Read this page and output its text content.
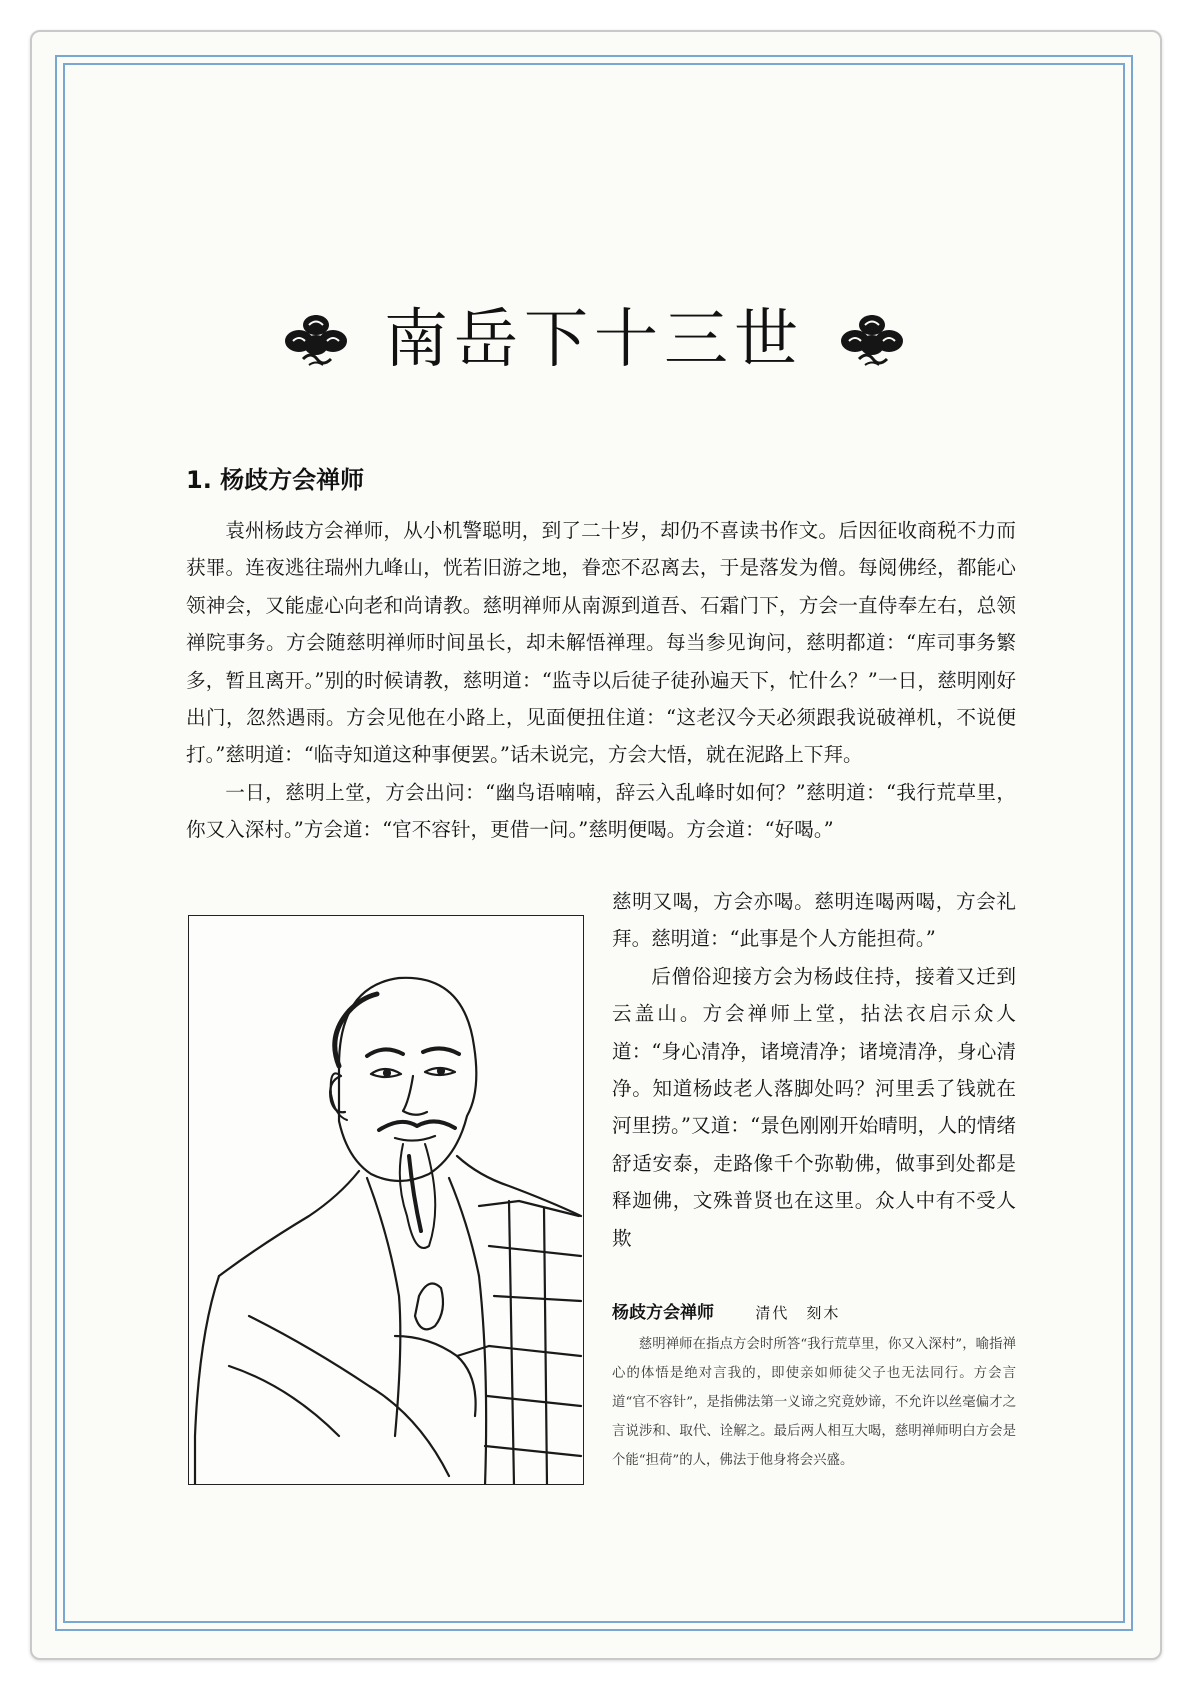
南岳下十三世
1. 杨歧方会禅师

袁州杨歧方会禅师，从小机警聪明，到了二十岁，却仍不喜读书作文。后因征收商税不力而获罪。连夜逃往瑞州九峰山，恍若旧游之地，眷恋不忍离去，于是落发为僧。每阅佛经，都能心领神会，又能虚心向老和尚请教。慈明禅师从南源到道吾、石霜门下，方会一直侍奉左右，总领禅院事务。方会随慈明禅师时间虽长，却未解悟禅理。每当参见询问，慈明都道：“库司事务繁多，暂且离开。”别的时候请教，慈明道：“监寺以后徒子徒孙遍天下，忙什么？”一日，慈明刚好出门，忽然遇雨。方会见他在小路上，见面便扭住道：“这老汉今天必须跟我说破禅机，不说便打。”慈明道：“临寺知道这种事便罢。”话未说完，方会大悟，就在泥路上下拜。

一日，慈明上堂，方会出问：“幽鸟语喃喃，辞云入乱峰时如何？”慈明道：“我行荒草里，你又入深村。”方会道：“官不容针，更借一问。”慈明便喝。方会道：“好喝。”

慈明又喝，方会亦喝。慈明连喝两喝，方会礼拜。慈明道：“此事是个人方能担荷。”

后僧俗迎接方会为杨歧住持，接着又迁到云盖山。方会禅师上堂，拈法衣启示众人道：“身心清净，诸境清净；诸境清净，身心清净。知道杨歧老人落脚处吗？河里丢了钱就在河里捞。”又道：“景色刚刚开始晴明，人的情绪舒适安泰，走路像千个弥勒佛，做事到处都是释迦佛，文殊普贤也在这里。众人中有不受人欺

杨歧方会禅师	清代　刻木

慈明禅师在指点方会时所答“我行荒草里，你又入深村”，喻指禅心的体悟是绝对言我的，即使亲如师徒父子也无法同行。方会言道“官不容针”，是指佛法第一义谛之究竟妙谛，不允许以丝毫偏才之言说涉和、取代、诠解之。最后两人相互大喝，慈明禅师明白方会是个能“担荷”的人，佛法于他身将会兴盛。
